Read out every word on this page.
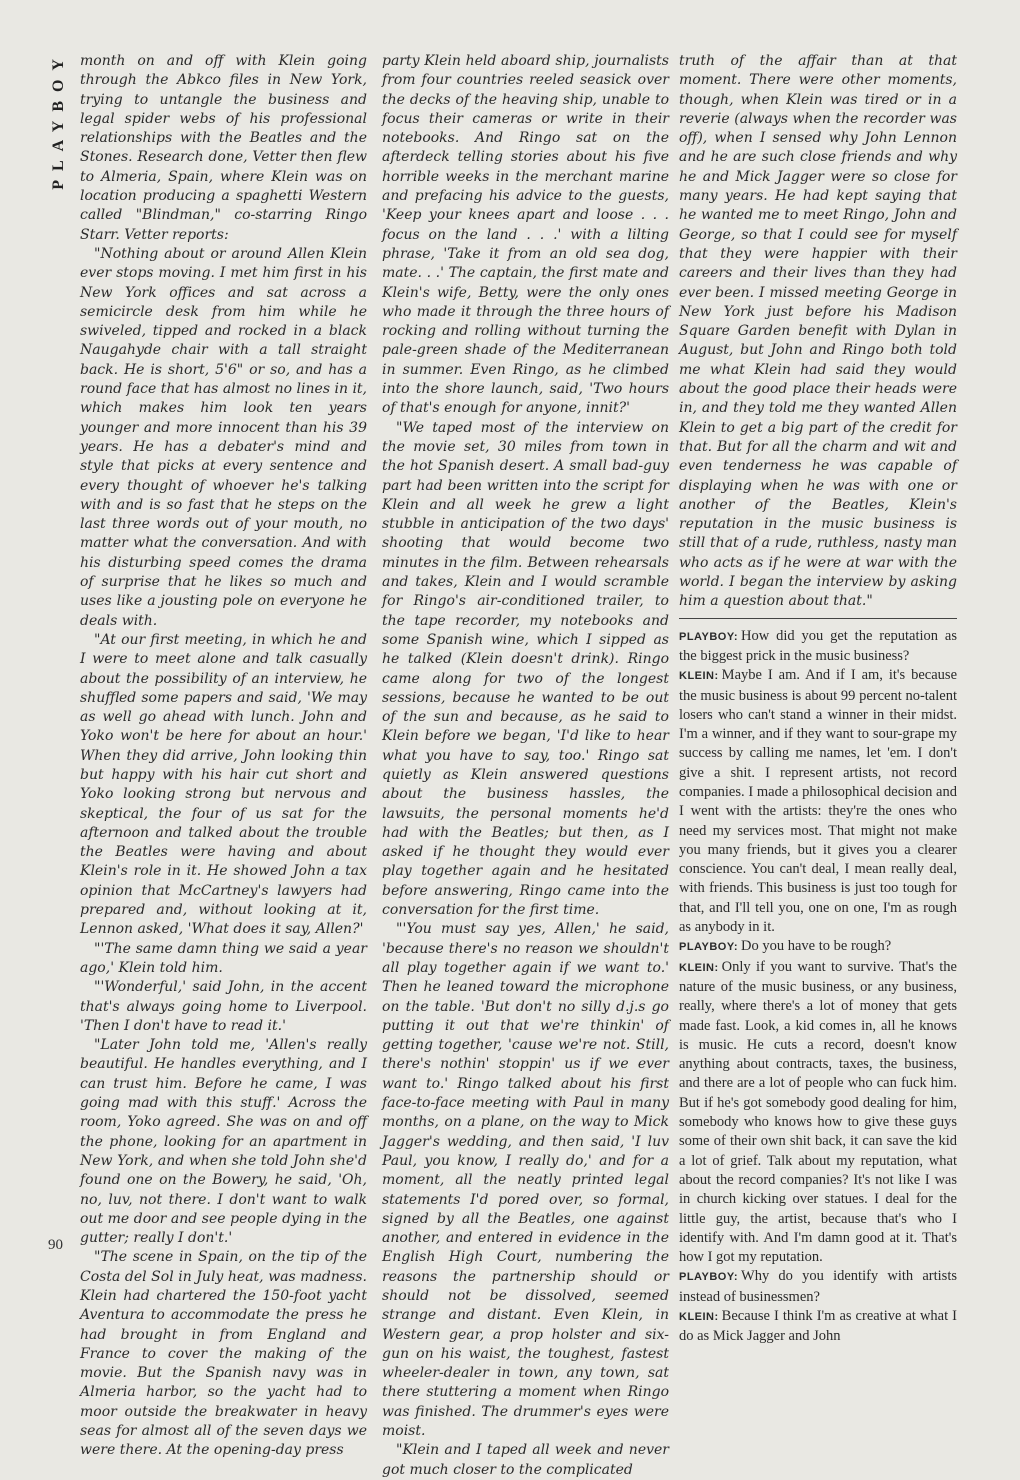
PLAYBOY
90

month on and off with Klein going through the Abkco files in New York, trying to untangle the business and legal spider webs of his professional relationships with the Beatles and the Stones. Research done, Vetter then flew to Almeria, Spain, where Klein was on location producing a spaghetti Western called "Blindman," co-starring Ringo Starr. Vetter reports:

"Nothing about or around Allen Klein ever stops moving. I met him first in his New York offices and sat across a semicircle desk from him while he swiveled, tipped and rocked in a black Naugahyde chair with a tall straight back. He is short, 5'6" or so, and has a round face that has almost no lines in it, which makes him look ten years younger and more innocent than his 39 years. He has a debater's mind and style that picks at every sentence and every thought of whoever he's talking with and is so fast that he steps on the last three words out of your mouth, no matter what the conversation. And with his disturbing speed comes the drama of surprise that he likes so much and uses like a jousting pole on everyone he deals with.

"At our first meeting, in which he and I were to meet alone and talk casually about the possibility of an interview, he shuffled some papers and said, 'We may as well go ahead with lunch. John and Yoko won't be here for about an hour.' When they did arrive, John looking thin but happy with his hair cut short and Yoko looking strong but nervous and skeptical, the four of us sat for the afternoon and talked about the trouble the Beatles were having and about Klein's role in it. He showed John a tax opinion that McCartney's lawyers had prepared and, without looking at it, Lennon asked, 'What does it say, Allen?'

"'The same damn thing we said a year ago,' Klein told him.

"'Wonderful,' said John, in the accent that's always going home to Liverpool. 'Then I don't have to read it.'

"Later John told me, 'Allen's really beautiful. He handles everything, and I can trust him. Before he came, I was going mad with this stuff.' Across the room, Yoko agreed. She was on and off the phone, looking for an apartment in New York, and when she told John she'd found one on the Bowery, he said, 'Oh, no, luv, not there. I don't want to walk out me door and see people dying in the gutter; really I don't.'

"The scene in Spain, on the tip of the Costa del Sol in July heat, was madness. Klein had chartered the 150-foot yacht Aventura to accommodate the press he had brought in from England and France to cover the making of the movie. But the Spanish navy was in Almeria harbor, so the yacht had to moor outside the breakwater in heavy seas for almost all of the seven days we were there. At the opening-day press

party Klein held aboard ship, journalists from four countries reeled seasick over the decks of the heaving ship, unable to focus their cameras or write in their notebooks. And Ringo sat on the afterdeck telling stories about his five horrible weeks in the merchant marine and prefacing his advice to the guests, 'Keep your knees apart and loose . . . focus on the land . . .' with a lilting phrase, 'Take it from an old sea dog, mate. . .' The captain, the first mate and Klein's wife, Betty, were the only ones who made it through the three hours of rocking and rolling without turning the pale-green shade of the Mediterranean in summer. Even Ringo, as he climbed into the shore launch, said, 'Two hours of that's enough for anyone, innit?'

"We taped most of the interview on the movie set, 30 miles from town in the hot Spanish desert. A small bad-guy part had been written into the script for Klein and all week he grew a light stubble in anticipation of the two days' shooting that would become two minutes in the film. Between rehearsals and takes, Klein and I would scramble for Ringo's air-conditioned trailer, to the tape recorder, my notebooks and some Spanish wine, which I sipped as he talked (Klein doesn't drink). Ringo came along for two of the longest sessions, because he wanted to be out of the sun and because, as he said to Klein before we began, 'I'd like to hear what you have to say, too.' Ringo sat quietly as Klein answered questions about the business hassles, the lawsuits, the personal moments he'd had with the Beatles; but then, as I asked if he thought they would ever play together again and he hesitated before answering, Ringo came into the conversation for the first time.

"'You must say yes, Allen,' he said, 'because there's no reason we shouldn't all play together again if we want to.' Then he leaned toward the microphone on the table. 'But don't no silly d.j.s go putting it out that we're thinkin' of getting together, 'cause we're not. Still, there's nothin' stoppin' us if we ever want to.' Ringo talked about his first face-to-face meeting with Paul in many months, on a plane, on the way to Mick Jagger's wedding, and then said, 'I luv Paul, you know, I really do,' and for a moment, all the neatly printed legal statements I'd pored over, so formal, signed by all the Beatles, one against another, and entered in evidence in the English High Court, numbering the reasons the partnership should or should not be dissolved, seemed strange and distant. Even Klein, in Western gear, a prop holster and six-gun on his waist, the toughest, fastest wheeler-dealer in town, any town, sat there stuttering a moment when Ringo was finished. The drummer's eyes were moist.

"Klein and I taped all week and never got much closer to the complicated

truth of the affair than at that moment. There were other moments, though, when Klein was tired or in a reverie (always when the recorder was off), when I sensed why John Lennon and he are such close friends and why he and Mick Jagger were so close for many years. He had kept saying that he wanted me to meet Ringo, John and George, so that I could see for myself that they were happier with their careers and their lives than they had ever been. I missed meeting George in New York just before his Madison Square Garden benefit with Dylan in August, but John and Ringo both told me what Klein had said they would about the good place their heads were in, and they told me they wanted Allen Klein to get a big part of the credit for that. But for all the charm and wit and even tenderness he was capable of displaying when he was with one or another of the Beatles, Klein's reputation in the music business is still that of a rude, ruthless, nasty man who acts as if he were at war with the world. I began the interview by asking him a question about that."

PLAYBOY: How did you get the reputation as the biggest prick in the music business?

KLEIN: Maybe I am. And if I am, it's because the music business is about 99 percent no-talent losers who can't stand a winner in their midst. I'm a winner, and if they want to sour-grape my success by calling me names, let 'em. I don't give a shit. I represent artists, not record companies. I made a philosophical decision and I went with the artists: they're the ones who need my services most. That might not make you many friends, but it gives you a clearer conscience. You can't deal, I mean really deal, with friends. This business is just too tough for that, and I'll tell you, one on one, I'm as rough as anybody in it.

PLAYBOY: Do you have to be rough?

KLEIN: Only if you want to survive. That's the nature of the music business, or any business, really, where there's a lot of money that gets made fast. Look, a kid comes in, all he knows is music. He cuts a record, doesn't know anything about contracts, taxes, the business, and there are a lot of people who can fuck him. But if he's got somebody good dealing for him, somebody who knows how to give these guys some of their own shit back, it can save the kid a lot of grief. Talk about my reputation, what about the record companies? It's not like I was in church kicking over statues. I deal for the little guy, the artist, because that's who I identify with. And I'm damn good at it. That's how I got my reputation.

PLAYBOY: Why do you identify with artists instead of businessmen?

KLEIN: Because I think I'm as creative at what I do as Mick Jagger and John
